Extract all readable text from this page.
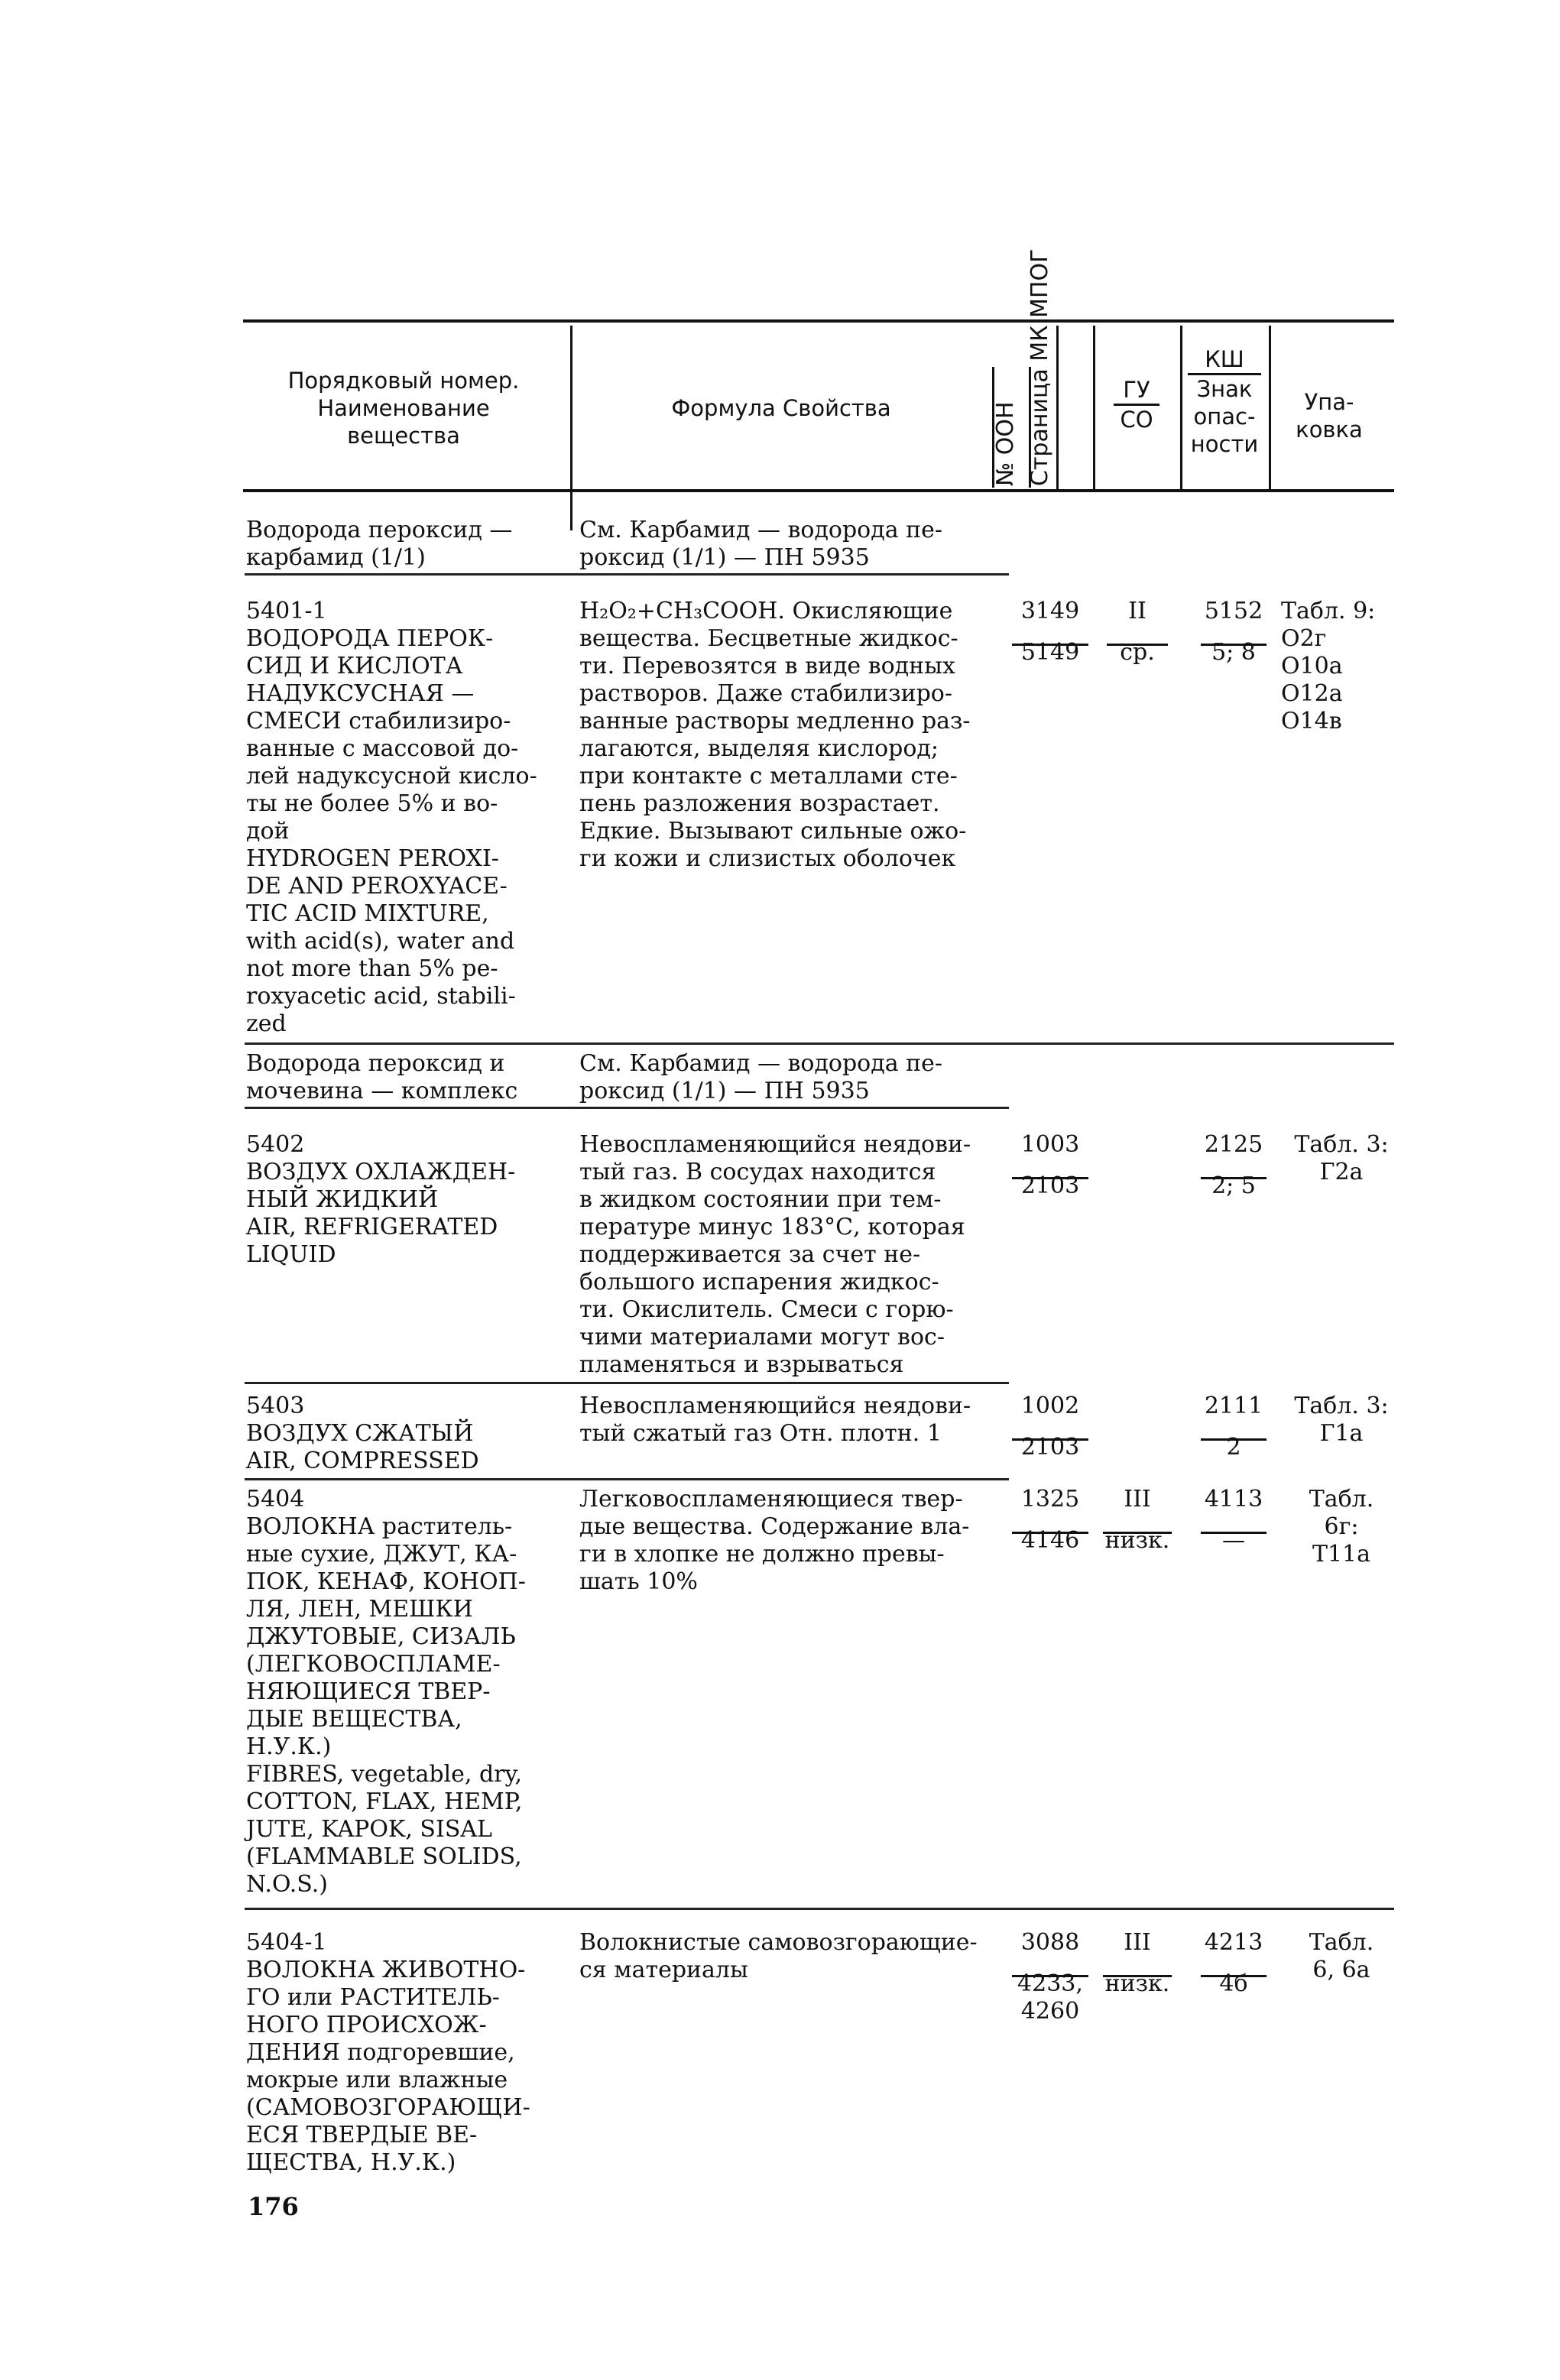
Порядковый номер.
Наименование
вещества
Формула Свойства	№ ООН Страница МК МПОГ	ГУ
СО
КШ
Знак
опас-
ности
Упа-
ковка
Водорода пероксид —
карбамид (1/1)
См. Карбамид — водорода пе-
роксид (1/1) — ПН 5935
5401-1
ВОДОРОДА ПЕРОК-
СИД И КИСЛОТА
НАДУКСУСНАЯ —
СМЕСИ стабилизиро-
ванные с массовой до-
лей надуксусной кисло-
ты не более 5% и во-
дой
HYDROGEN PEROXI-
DE AND PEROXYACE-
TIC ACID MIXTURE,
with acid(s), water and
not more than 5% pe-
roxyacetic acid, stabili-
zed
H₂O₂+CH₃COOH. Окисляющие
вещества. Бесцветные жидкос-
ти. Перевозятся в виде водных
растворов. Даже стабилизиро-
ванные растворы медленно раз-
лагаются, выделяя кислород;
при контакте с металлами сте-
пень разложения возрастает.
Едкие. Вызывают сильные ожо-
ги кожи и слизистых оболочек
3149
5149
II
ср.
5152
5; 8
Табл. 9:
О2г
О10а
О12а
О14в
Водорода пероксид и
мочевина — комплекс
См. Карбамид — водорода пе-
роксид (1/1) — ПН 5935
5402
ВОЗДУХ ОХЛАЖДЕН-
НЫЙ ЖИДКИЙ
AIR, REFRIGERATED
LIQUID
Невоспламеняющийся неядови-
тый газ. В сосудах находится
в жидком состоянии при тем-
пературе минус 183°С, которая
поддерживается за счет не-
большого испарения жидкос-
ти. Окислитель. Смеси с горю-
чими материалами могут вос-
пламеняться и взрываться
1003
2103
2125
2; 5
Табл. 3:
Г2а
5403
ВОЗДУХ СЖАТЫЙ
AIR, COMPRESSED
Невоспламеняющийся неядови-
тый сжатый газ Отн. плотн. 1
1002
2103
2111
2
Табл. 3:
Г1а
5404
ВОЛОКНА раститель-
ные сухие, ДЖУТ, КА-
ПОК, КЕНАФ, КОНОП-
ЛЯ, ЛЕН, МЕШКИ
ДЖУТОВЫЕ, СИЗАЛЬ
(ЛЕГКОВОСПЛАМЕ-
НЯЮЩИЕСЯ ТВЕР-
ДЫЕ ВЕЩЕСТВА,
Н.У.К.)
FIBRES, vegetable, dry,
COTTON, FLAX, HEMP,
JUTE, KAPOK, SISAL
(FLAMMABLE SOLIDS,
N.O.S.)
Легковоспламеняющиеся твер-
дые вещества. Содержание вла-
ги в хлопке не должно превы-
шать 10%
1325
4146
III
низк.
4113
—
Табл.
6г:
Т11а
5404-1
ВОЛОКНА ЖИВОТНО-
ГО или РАСТИТЕЛЬ-
НОГО ПРОИСХОЖ-
ДЕНИЯ подгоревшие,
мокрые или влажные
(САМОВОЗГОРАЮЩИ-
ЕСЯ ТВЕРДЫЕ ВЕ-
ЩЕСТВА, Н.У.К.)
Волокнистые самовозгорающие-
ся материалы
3088
4233,
4260
III
низк.
4213
4б
Табл.
6, 6а
176
